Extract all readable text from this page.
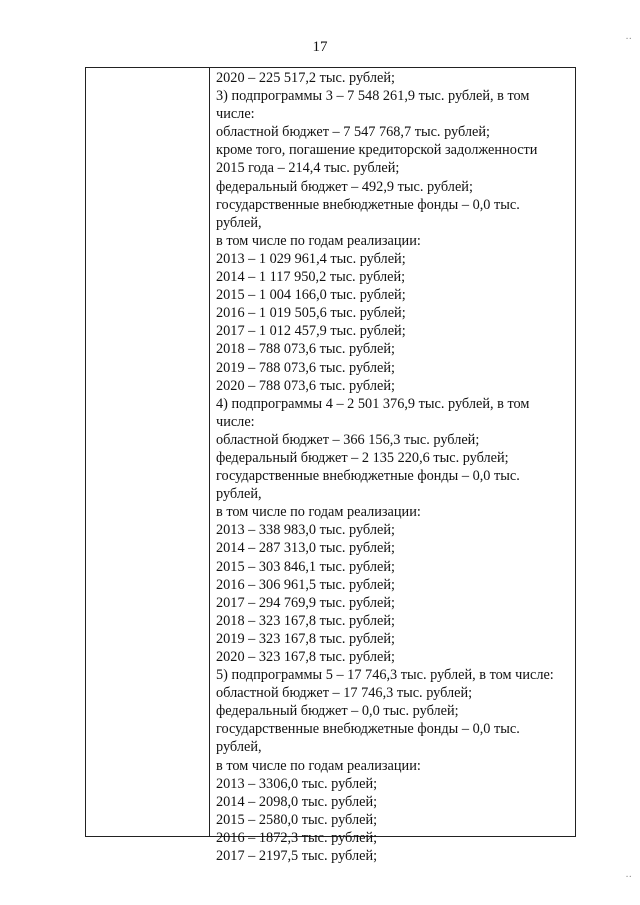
17
2020 – 225 517,2 тыс. рублей;
3) подпрограммы 3 – 7 548 261,9 тыс. рублей, в том
числе:
областной бюджет – 7 547 768,7 тыс. рублей;
кроме того, погашение кредиторской задолженности
2015 года – 214,4 тыс. рублей;
федеральный бюджет – 492,9 тыс. рублей;
государственные внебюджетные фонды – 0,0 тыс.
рублей,
в том числе по годам реализации:
2013 – 1 029 961,4 тыс. рублей;
2014 – 1 117 950,2 тыс. рублей;
2015 – 1 004 166,0 тыс. рублей;
2016 – 1 019 505,6 тыс. рублей;
2017 – 1 012 457,9 тыс. рублей;
2018 – 788 073,6 тыс. рублей;
2019 – 788 073,6 тыс. рублей;
2020 – 788 073,6 тыс. рублей;
4) подпрограммы 4 – 2 501 376,9 тыс. рублей, в том
числе:
областной бюджет – 366 156,3 тыс. рублей;
федеральный бюджет – 2 135 220,6 тыс. рублей;
государственные внебюджетные фонды – 0,0 тыс.
рублей,
в том числе по годам реализации:
2013 – 338 983,0 тыс. рублей;
2014 – 287 313,0 тыс. рублей;
2015 – 303 846,1 тыс. рублей;
2016 – 306 961,5 тыс. рублей;
2017 – 294 769,9 тыс. рублей;
2018 – 323 167,8 тыс. рублей;
2019 – 323 167,8 тыс. рублей;
2020 – 323 167,8 тыс. рублей;
5) подпрограммы 5 – 17 746,3 тыс. рублей, в том числе:
областной бюджет – 17 746,3 тыс. рублей;
федеральный бюджет – 0,0 тыс. рублей;
государственные внебюджетные фонды – 0,0 тыс.
рублей,
в том числе по годам реализации:
2013 – 3306,0 тыс. рублей;
2014 – 2098,0 тыс. рублей;
2015 – 2580,0 тыс. рублей;
2016 – 1872,3 тыс. рублей;
2017 – 2197,5 тыс. рублей;
··
··
